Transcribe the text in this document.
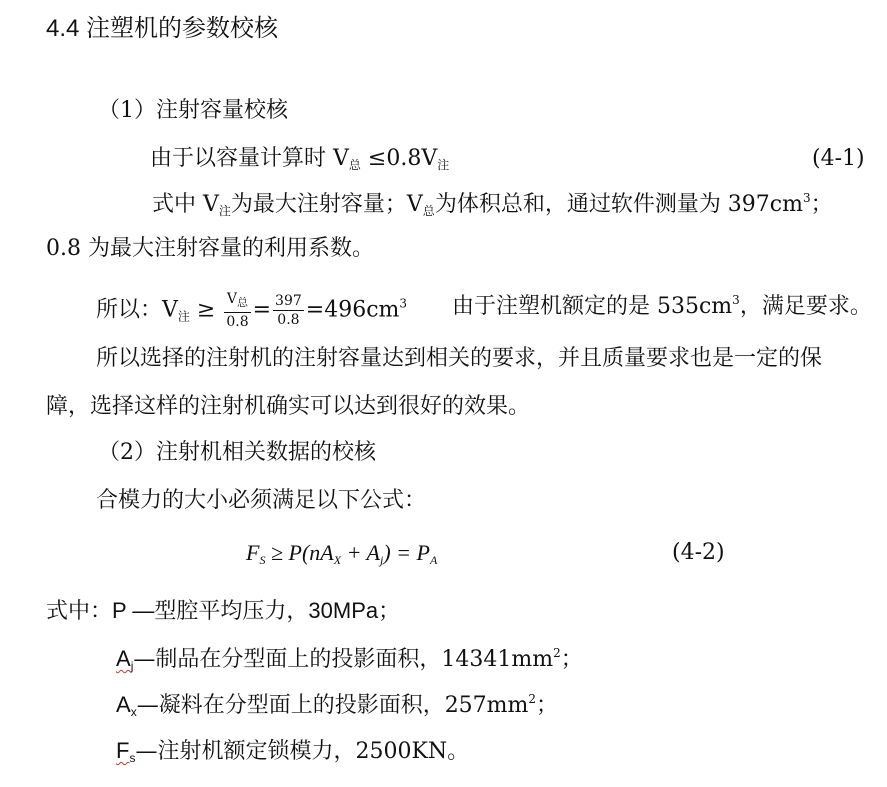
4.4 注塑机的参数校核
（1）注射容量校核
由于以容量计算时 $V_总 \le 0.8V_注$	(4-1)
式中 $V_注$为最大注射容量；$V_总$为体积总和，通过软件测量为 $397cm^3$；
0.8 为最大注射容量的利用系数。
所以：$V_注 \ge \frac{V_总}{0.8} = \frac{397}{0.8} =496cm^3$ 由于注塑机额定的是 $535cm^3$，满足要求。
所以选择的注射机的注射容量达到相关的要求，并且质量要求也是一定的保
障，选择这样的注射机确实可以达到很好的效果。
（2）注射机相关数据的校核
合模力的大小必须满足以下公式：
$F_S \ge P(nA_X + A_j) = P_A$	(4-2)
式中：P —型腔平均压力，30MPa；
$A_j—$制品在分型面上的投影面积，$14341mm^2$；
$A_x—$凝料在分型面上的投影面积，$257mm^2$；
$F_s—$注射机额定锁模力，2500KN。
